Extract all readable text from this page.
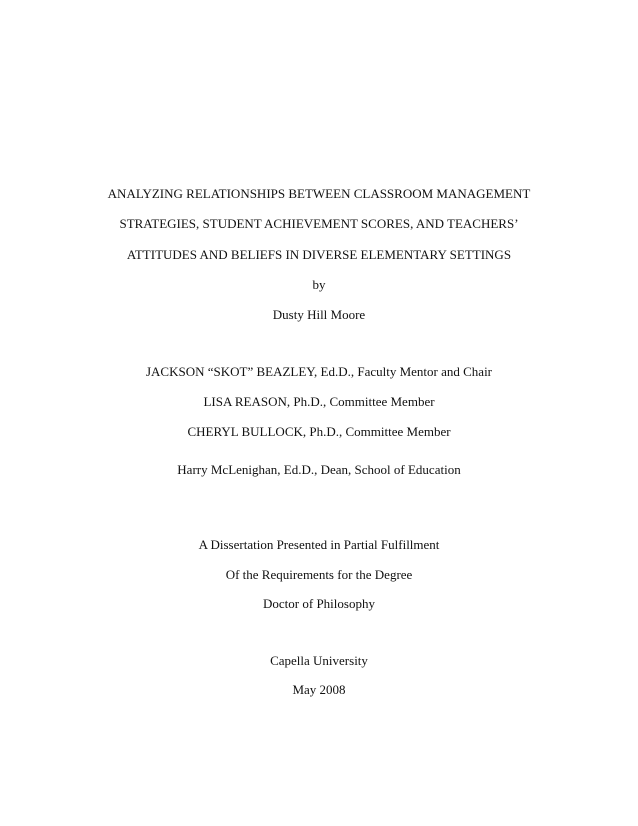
ANALYZING RELATIONSHIPS BETWEEN CLASSROOM MANAGEMENT
STRATEGIES, STUDENT ACHIEVEMENT SCORES, AND TEACHERS’
ATTITUDES AND BELIEFS IN DIVERSE ELEMENTARY SETTINGS
by
Dusty Hill Moore
JACKSON “SKOT” BEAZLEY, Ed.D., Faculty Mentor and Chair
LISA REASON, Ph.D., Committee Member
CHERYL BULLOCK, Ph.D., Committee Member
Harry McLenighan, Ed.D., Dean, School of Education
A Dissertation Presented in Partial Fulfillment
Of the Requirements for the Degree
Doctor of Philosophy
Capella University
May 2008
